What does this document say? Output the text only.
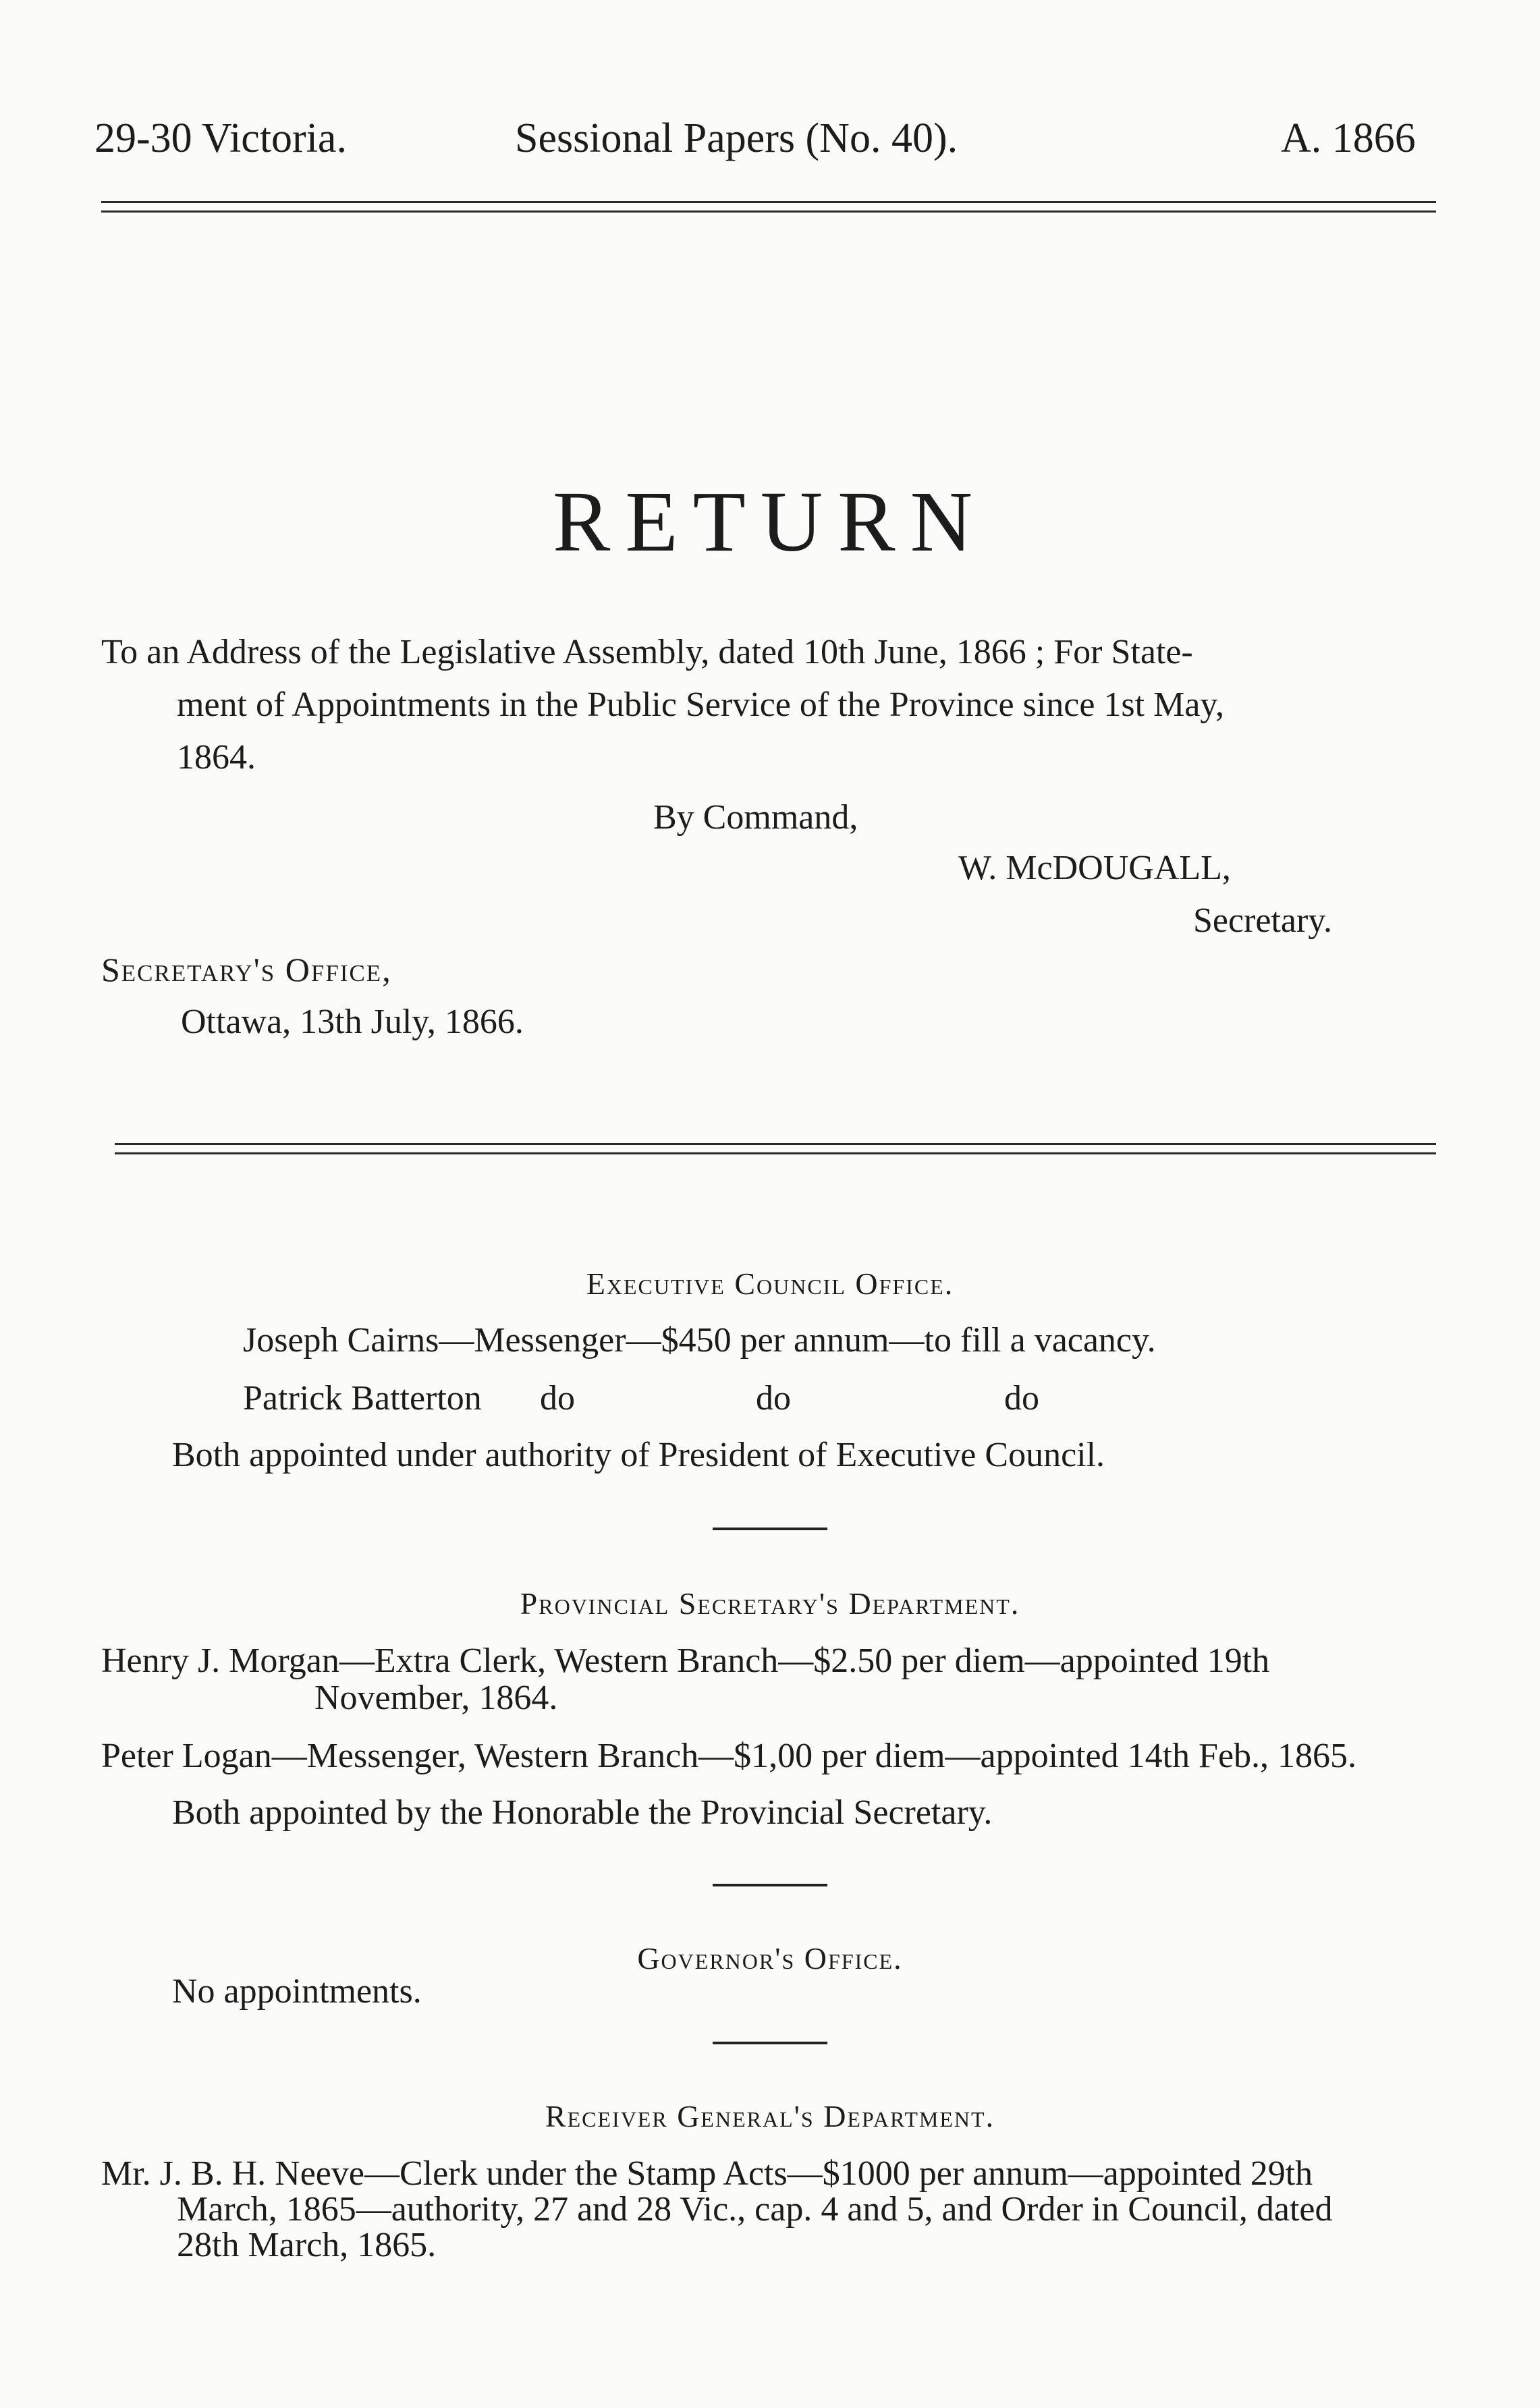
29-30 Victoria.	Sessional Papers (No. 40).	A. 1866
RETURN
To an Address of the Legislative Assembly, dated 10th June, 1866 ; For State-
ment of Appointments in the Public Service of the Province since 1st May,
1864.
By Command,
W. McDOUGALL,
Secretary.
Secretary's Office,
Ottawa, 13th July, 1866.
Executive Council Office.
Joseph Cairns—Messenger—$450 per annum—to fill a vacancy.
Patrick Batterton do	do	do
Both appointed under authority of President of Executive Council.
Provincial Secretary's Department.
Henry J. Morgan—Extra Clerk, Western Branch—$2.50 per diem—appointed 19th
November, 1864.
Peter Logan—Messenger, Western Branch—$1,00 per diem—appointed 14th Feb., 1865.
Both appointed by the Honorable the Provincial Secretary.
Governor's Office.
No appointments.
Receiver General's Department.
Mr. J. B. H. Neeve—Clerk under the Stamp Acts—$1000 per annum—appointed 29th
March, 1865—authority, 27 and 28 Vic., cap. 4 and 5, and Order in Council, dated
28th March, 1865.
